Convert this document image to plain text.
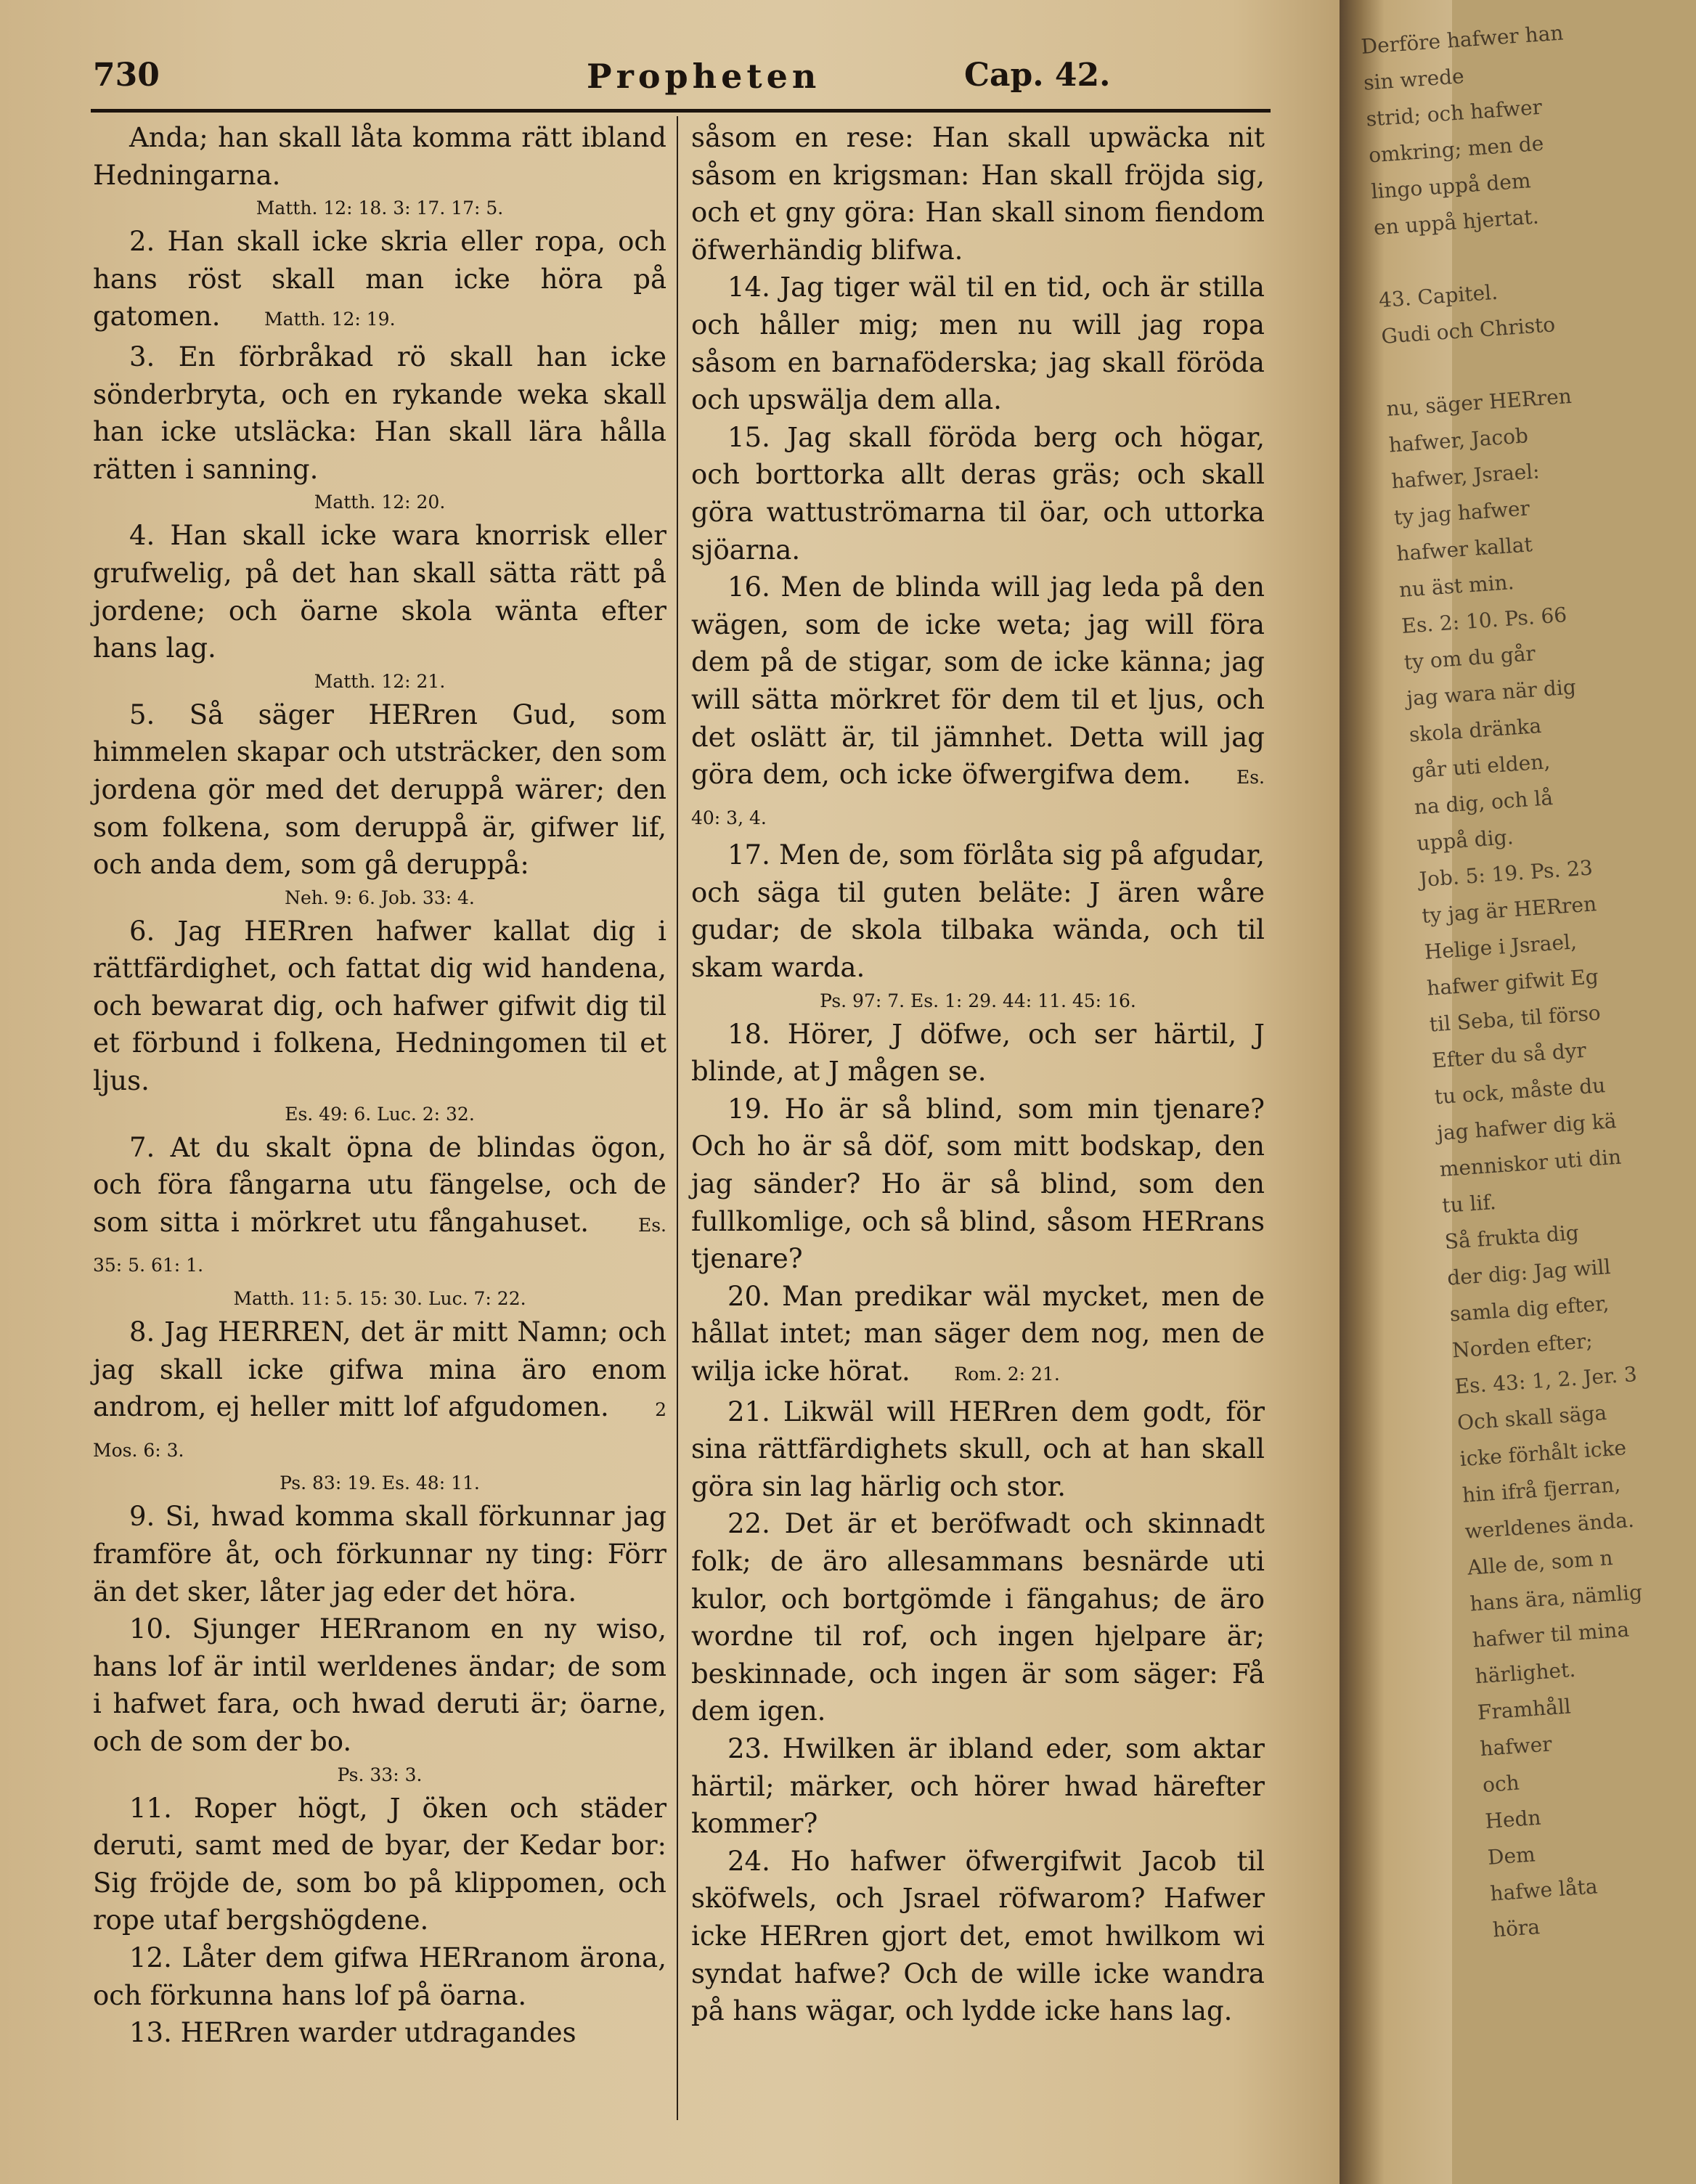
730	Propheten	Cap. 42.

Anda; han skall låta komma rätt ibland Hedningarna.

Matth. 12: 18. 3: 17. 17: 5.

2. Han skall icke skria eller ropa, och hans röst skall man icke höra på gatomen.   Matth. 12: 19.

3. En förbråkad rö skall han icke sönderbryta, och en rykande weka skall han icke utsläcka: Han skall lära hålla rätten i sanning.

Matth. 12: 20.

4. Han skall icke wara knorrisk eller grufwelig, på det han skall sätta rätt på jordene; och öarne skola wänta efter hans lag.

Matth. 12: 21.

5. Så säger HERren Gud, som himmelen skapar och utsträcker, den som jordena gör med det deruppå wärer; den som folkena, som deruppå är, gifwer lif, och anda dem, som gå deruppå:

Neh. 9: 6. Job. 33: 4.

6. Jag HERren hafwer kallat dig i rättfärdighet, och fattat dig wid handena, och bewarat dig, och hafwer gifwit dig til et förbund i folkena, Hedningomen til et ljus.

Es. 49: 6. Luc. 2: 32.

7. At du skalt öpna de blindas ögon, och föra fångarna utu fängelse, och de som sitta i mörkret utu fångahuset.  	Es. 35: 5. 61: 1.

Matth. 11: 5. 15: 30. Luc. 7: 22.

8. Jag HERREN, det är mitt Namn; och jag skall icke gifwa mina äro enom androm, ej heller mitt lof afgudomen.  	2 Mos. 6: 3.

Ps. 83: 19. Es. 48: 11.

9. Si, hwad komma skall förkunnar jag framföre åt, och förkunnar ny ting: Förr än det sker, låter jag eder det höra.

10. Sjunger HERranom en ny wiso, hans lof är intil werldenes ändar; de som i hafwet fara, och hwad deruti är; öarne, och de som der bo.

Ps. 33: 3.

11. Roper högt, J öken och städer deruti, samt med de byar, der Kedar bor: Sig fröjde de, som bo på klippomen, och rope utaf bergshögdene.

12. Låter dem gifwa HERranom ärona, och förkunna hans lof på öarna.

13. HERren warder utdragandes

såsom en rese: Han skall upwäcka nit såsom en krigsman: Han skall fröjda sig, och et gny göra: Han skall sinom fiendom öfwerhändig blifwa.

14. Jag tiger wäl til en tid, och är stilla och håller mig; men nu will jag ropa såsom en barnaföderska; jag skall föröda och upswälja dem alla.

15. Jag skall föröda berg och högar, och borttorka allt deras gräs; och skall göra wattuströmarna til öar, och uttorka sjöarna.

16. Men de blinda will jag leda på den wägen, som de icke weta; jag will föra dem på de stigar, som de icke känna; jag will sätta mörkret för dem til et ljus, och det oslätt är, til jämnhet. Detta will jag göra dem, och icke öfwergifwa dem.  	Es. 40: 3, 4.

17. Men de, som förlåta sig på afgudar, och säga til guten beläte: J ären wåre gudar; de skola tilbaka wända, och til skam warda.

Ps. 97: 7. Es. 1: 29. 44: 11. 45: 16.

18. Hörer, J döfwe, och ser härtil, J blinde, at J mågen se.

19. Ho är så blind, som min tjenare? Och ho är så döf, som mitt bodskap, den jag sänder? Ho är så blind, som den fullkomlige, och så blind, såsom HERrans tjenare?

20. Man predikar wäl mycket, men de hållat intet; man säger dem nog, men de wilja icke hörat.   Rom. 2: 21.

21. Likwäl will HERren dem godt, för sina rättfärdighets skull, och at han skall göra sin lag härlig och stor.

22. Det är et beröfwadt och skinnadt folk; de äro allesammans besnärde uti kulor, och bortgömde i fängahus; de äro wordne til rof, och ingen hjelpare är; beskinnade, och ingen är som säger: Få dem igen.

23. Hwilken är ibland eder, som aktar härtil; märker, och hörer hwad härefter kommer?

24. Ho hafwer öfwergifwit Jacob til sköfwels, och Jsrael röfwarom? Hafwer icke HERren gjort det, emot hwilkom wi syndat hafwe? Och de wille icke wandra på hans wägar, och lydde icke hans lag.

Derföre hafwer han
sin wrede
strid; och hafwer
omkring; men de
lingo uppå dem
en uppå hjertat.

43. Capitel.
Gudi och Christo

nu, säger HERren
hafwer, Jacob
hafwer, Jsrael:
ty jag hafwer
hafwer kallat
nu äst min.
Es. 2: 10. Ps. 66
ty om du går
jag wara när dig
skola dränka
går uti elden,
na dig, och lå
uppå dig.
Job. 5: 19. Ps. 23
ty jag är HERren
Helige i Jsrael,
hafwer gifwit Eg
til Seba, til förso
Efter du så dyr
tu ock, måste du
jag hafwer dig kä
menniskor uti din
tu lif.
Så frukta dig
der dig: Jag will
samla dig efter,
Norden efter;
Es. 43: 1, 2. Jer. 3
Och skall säga
icke förhålt icke
hin ifrå fjerran,
werldenes ända.
Alle de, som n
hans ära, nämlig
hafwer til mina
härlighet.
Framhåll
hafwer
och
Hedn
Dem
hafwe låta
höra
